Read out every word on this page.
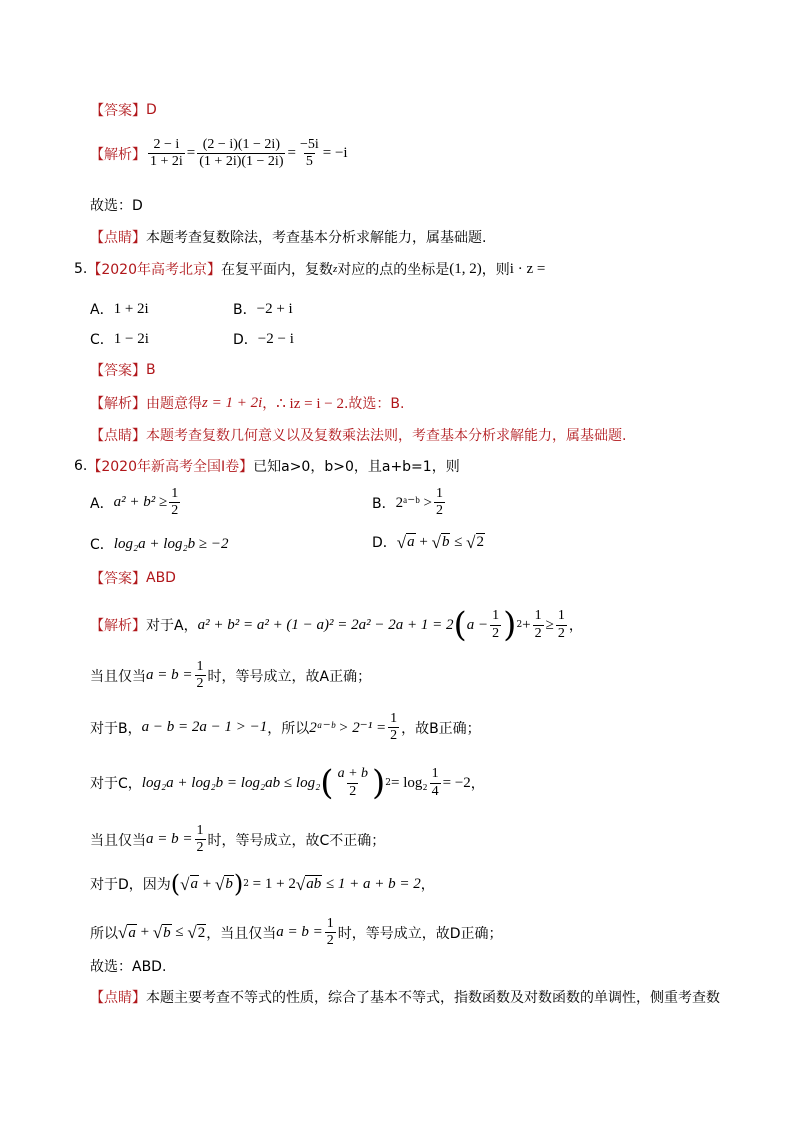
【答案】 D
【解析】 $\frac{2 - i}{1 + 2i} = \frac{(2 - i)(1 - 2i)}{(1 + 2i)(1 - 2i)} = \frac{-5i}{5} = -i$
故选：D
【点睛】 本题考查复数除法，考查基本分析求解能力，属基础题.
5. 【2020年高考北京】 在复平面内，复数 z 对应的点的坐标是 (1, 2) ，则 i · z =
A． 1 + 2i	B． −2 + i
C． 1 − 2i	D． −2 − i
【答案】 B
【解析】 由题意得 z = 1 + 2i ， ∴ iz = i − 2 .故选：B.
【点睛】 本题考查复数几何意义以及复数乘法法则，考查基本分析求解能力，属基础题.
6. 【2020年新高考全国Ⅰ卷】 已知a>0，b>0，且a+b=1，则
A． $a^2 + b^2 \ge \frac{1}{2}$	B． 2ᵃ⁻ᵇ > $\frac{1}{2}$
C． log₂a + log₂b ≥ −2	D． √ a + √ b ≤ √ 2
【答案】 ABD
【解析】 对于A， a² + b² = a² + (1 − a)² = 2a² − 2a + 1 = 2 ( $a - \frac{1}{2}$ ) $2 + \frac{1}{2} \ge \frac{1}{2}$ ，
当且仅当 $a = b = \frac{1}{2}$ 时，等号成立，故A正确；
对于B， a − b = 2a − 1 > −1 ，所以 2ᵃ⁻ᵇ > $2^{-1} = \frac{1}{2}$ ，故B正确；
对于C， log₂a + log₂b = log₂ab ≤ log₂ ( $\frac{a + b}{2}$ ) $2 = \log_2 \frac{1}{4} = -2$ ，
当且仅当 $a = b = \frac{1}{2}$ 时，等号成立，故C不正确；
对于D，因为 ( √ a + √ b ) 2
= 1 + 2 √ ab
≤ 1 + a + b = 2 ，
所以 √ a + √ b ≤ √ 2 ，当且仅当 $a = b = \frac{1}{2}$ 时，等号成立，故D正确；
故选：ABD.
【点睛】 本题主要考查不等式的性质，综合了基本不等式，指数函数及对数函数的单调性，侧重考查数
